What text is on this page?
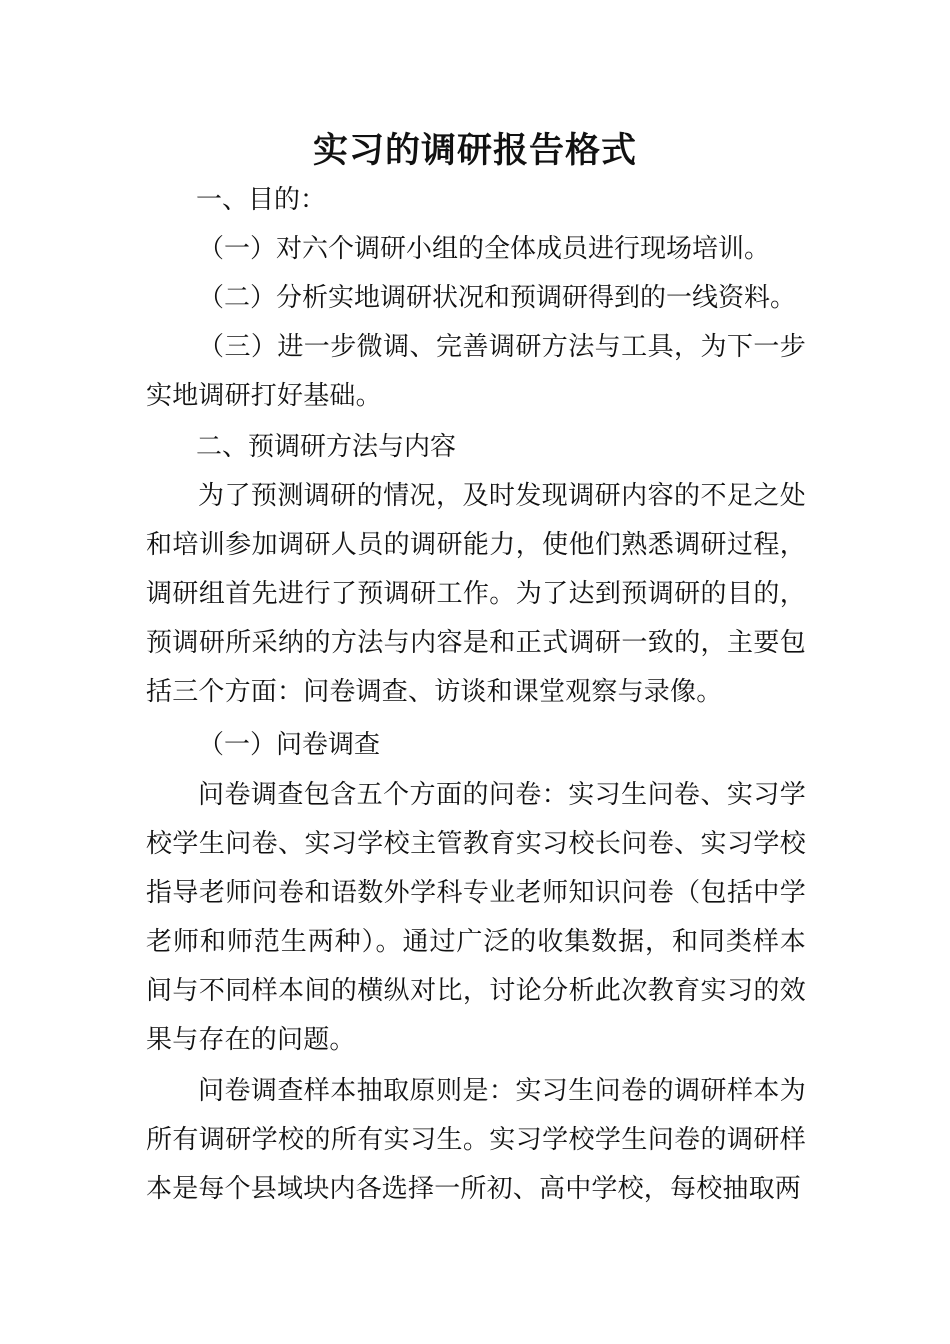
实习的调研报告格式

一、目的：

（一）对六个调研小组的全体成员进行现场培训。

（二）分析实地调研状况和预调研得到的一线资料。

（三）进一步微调、完善调研方法与工具，为下一步实地调研打好基础。

二、预调研方法与内容

为了预测调研的情况，及时发现调研内容的不足之处和培训参加调研人员的调研能力，使他们熟悉调研过程，调研组首先进行了预调研工作。为了达到预调研的目的，预调研所采纳的方法与内容是和正式调研一致的，主要包括三个方面：问卷调查、访谈和课堂观察与录像。

（一）问卷调查

问卷调查包含五个方面的问卷：实习生问卷、实习学校学生问卷、实习学校主管教育实习校长问卷、实习学校指导老师问卷和语数外学科专业老师知识问卷（包括中学老师和师范生两种）。通过广泛的收集数据，和同类样本间与不同样本间的横纵对比，讨论分析此次教育实习的效果与存在的问题。

问卷调查样本抽取原则是：实习生问卷的调研样本为所有调研学校的所有实习生。实习学校学生问卷的调研样本是每个县域块内各选择一所初、高中学校，每校抽取两
